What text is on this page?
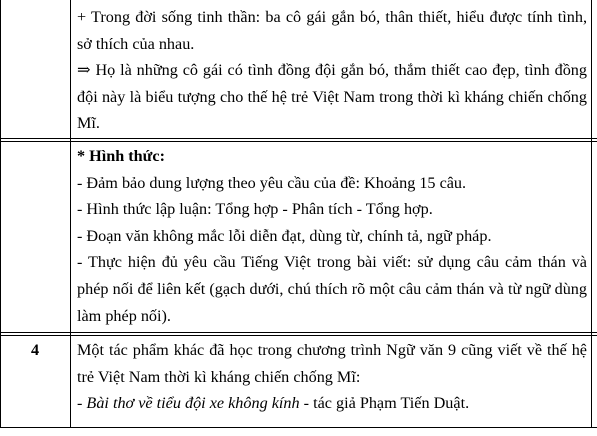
+ Trong đời sống tinh thần: ba cô gái gắn bó, thân thiết, hiểu được tính tình, sở thích của nhau.

⇒ Họ là những cô gái có tình đồng đội gắn bó, thắm thiết cao đẹp, tình đồng đội này là biểu tượng cho thế hệ trẻ Việt Nam trong thời kì kháng chiến chống Mĩ.

* Hình thức:

- Đảm bảo dung lượng theo yêu cầu của đề: Khoảng 15 câu.

- Hình thức lập luận: Tổng hợp - Phân tích - Tổng hợp.

- Đoạn văn không mắc lỗi diễn đạt, dùng từ, chính tả, ngữ pháp.

- Thực hiện đủ yêu cầu Tiếng Việt trong bài viết: sử dụng câu cảm thán và phép nối để liên kết (gạch dưới, chú thích rõ một câu cảm thán và từ ngữ dùng làm phép nối).

4	Một tác phẩm khác đã học trong chương trình Ngữ văn 9 cũng viết về thế hệ trẻ Việt Nam thời kì kháng chiến chống Mĩ:

- Bài thơ về tiểu đội xe không kính - tác giả Phạm Tiến Duật.
